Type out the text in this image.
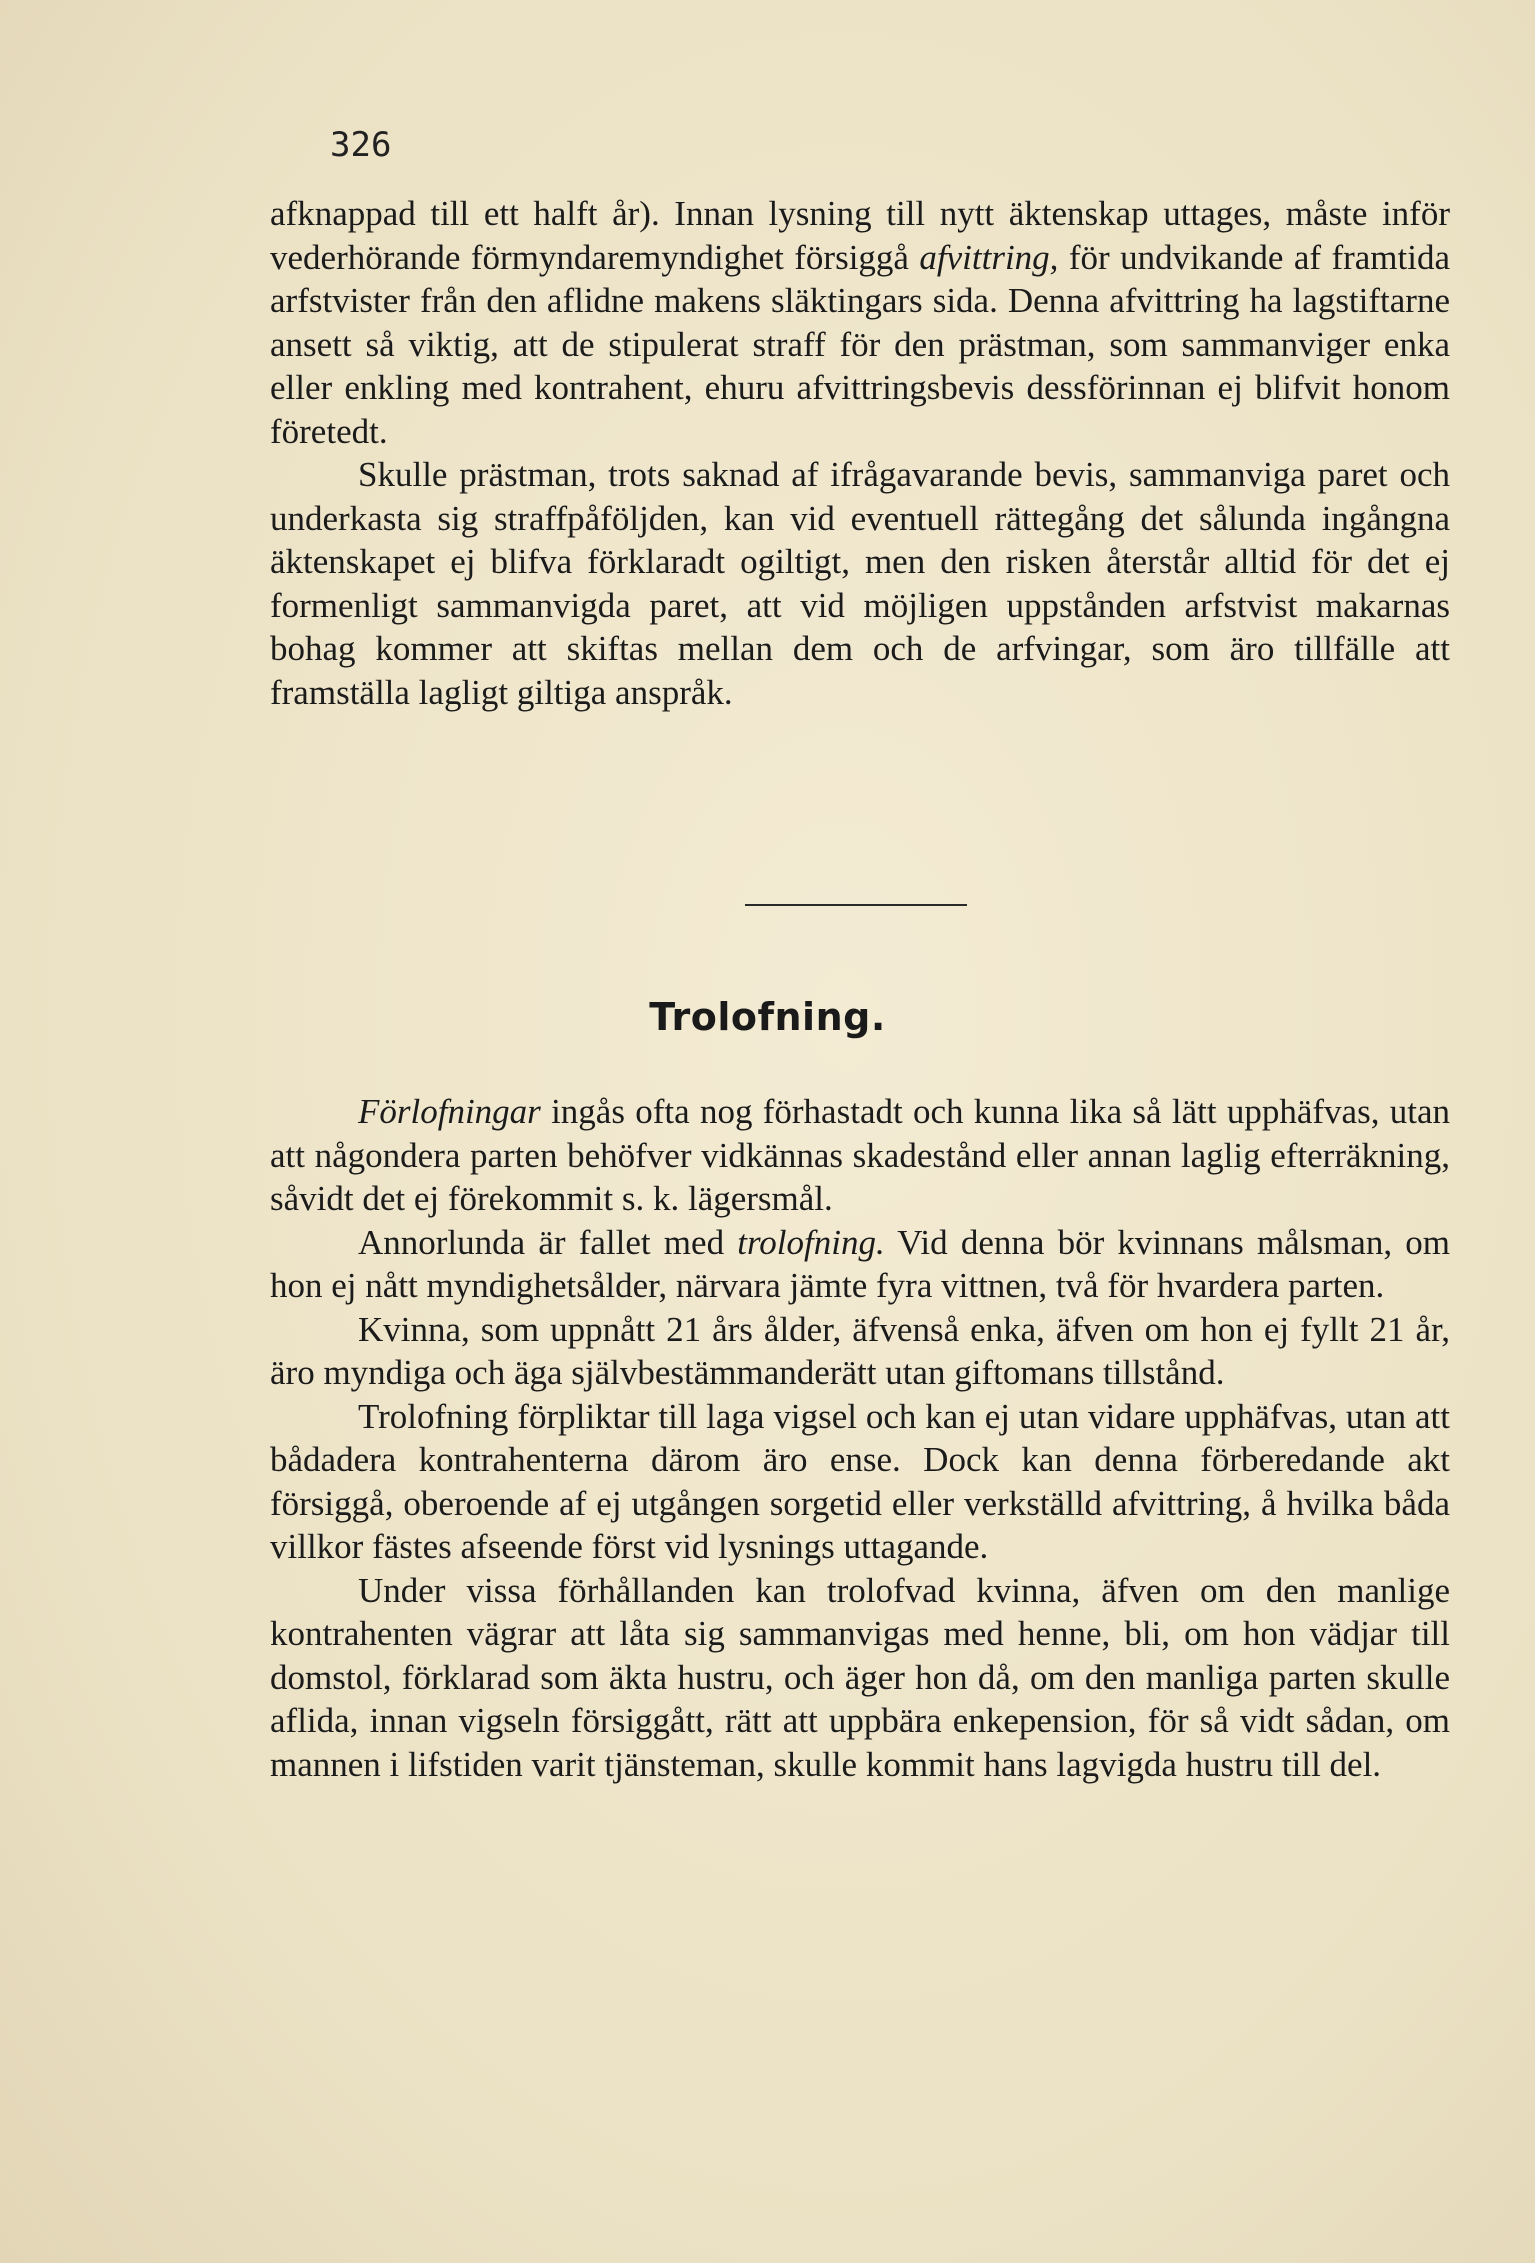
326

afknappad till ett halft år). Innan lysning till nytt äktenskap uttages, måste inför vederhörande förmyndaremyndighet försiggå afvittring, för undvikande af framtida arfstvister från den aflidne makens släktingars sida. Denna afvittring ha lagstiftarne ansett så viktig, att de stipulerat straff för den prästman, som sammanviger enka eller enkling med kontrahent, ehuru afvittringsbevis dessförinnan ej blifvit honom företedt.

Skulle prästman, trots saknad af ifrågavarande bevis, sammanviga paret och underkasta sig straffpåföljden, kan vid eventuell rättegång det sålunda ingångna äktenskapet ej blifva förklaradt ogiltigt, men den risken återstår alltid för det ej formenligt sammanvigda paret, att vid möjligen uppstånden arfstvist makarnas bohag kommer att skiftas mellan dem och de arfvingar, som äro tillfälle att framställa lagligt giltiga anspråk.

Trolofning.

Förlofningar ingås ofta nog förhastadt och kunna lika så lätt upphäfvas, utan att någondera parten behöfver vidkännas skadestånd eller annan laglig efterräkning, såvidt det ej förekommit s. k. lägersmål.

Annorlunda är fallet med trolofning. Vid denna bör kvinnans målsman, om hon ej nått myndighetsålder, närvara jämte fyra vittnen, två för hvardera parten.

Kvinna, som uppnått 21 års ålder, äfvenså enka, äfven om hon ej fyllt 21 år, äro myndiga och äga självbestämmanderätt utan giftomans tillstånd.

Trolofning förpliktar till laga vigsel och kan ej utan vidare upphäfvas, utan att bådadera kontrahenterna därom äro ense. Dock kan denna förberedande akt försiggå, oberoende af ej utgången sorgetid eller verkställd afvittring, å hvilka båda villkor fästes afseende först vid lysnings uttagande.

Under vissa förhållanden kan trolofvad kvinna, äfven om den manlige kontrahenten vägrar att låta sig sammanvigas med henne, bli, om hon vädjar till domstol, förklarad som äkta hustru, och äger hon då, om den manliga parten skulle aflida, innan vigseln försiggått, rätt att uppbära enkepension, för så vidt sådan, om mannen i lifstiden varit tjänsteman, skulle kommit hans lagvigda hustru till del.
